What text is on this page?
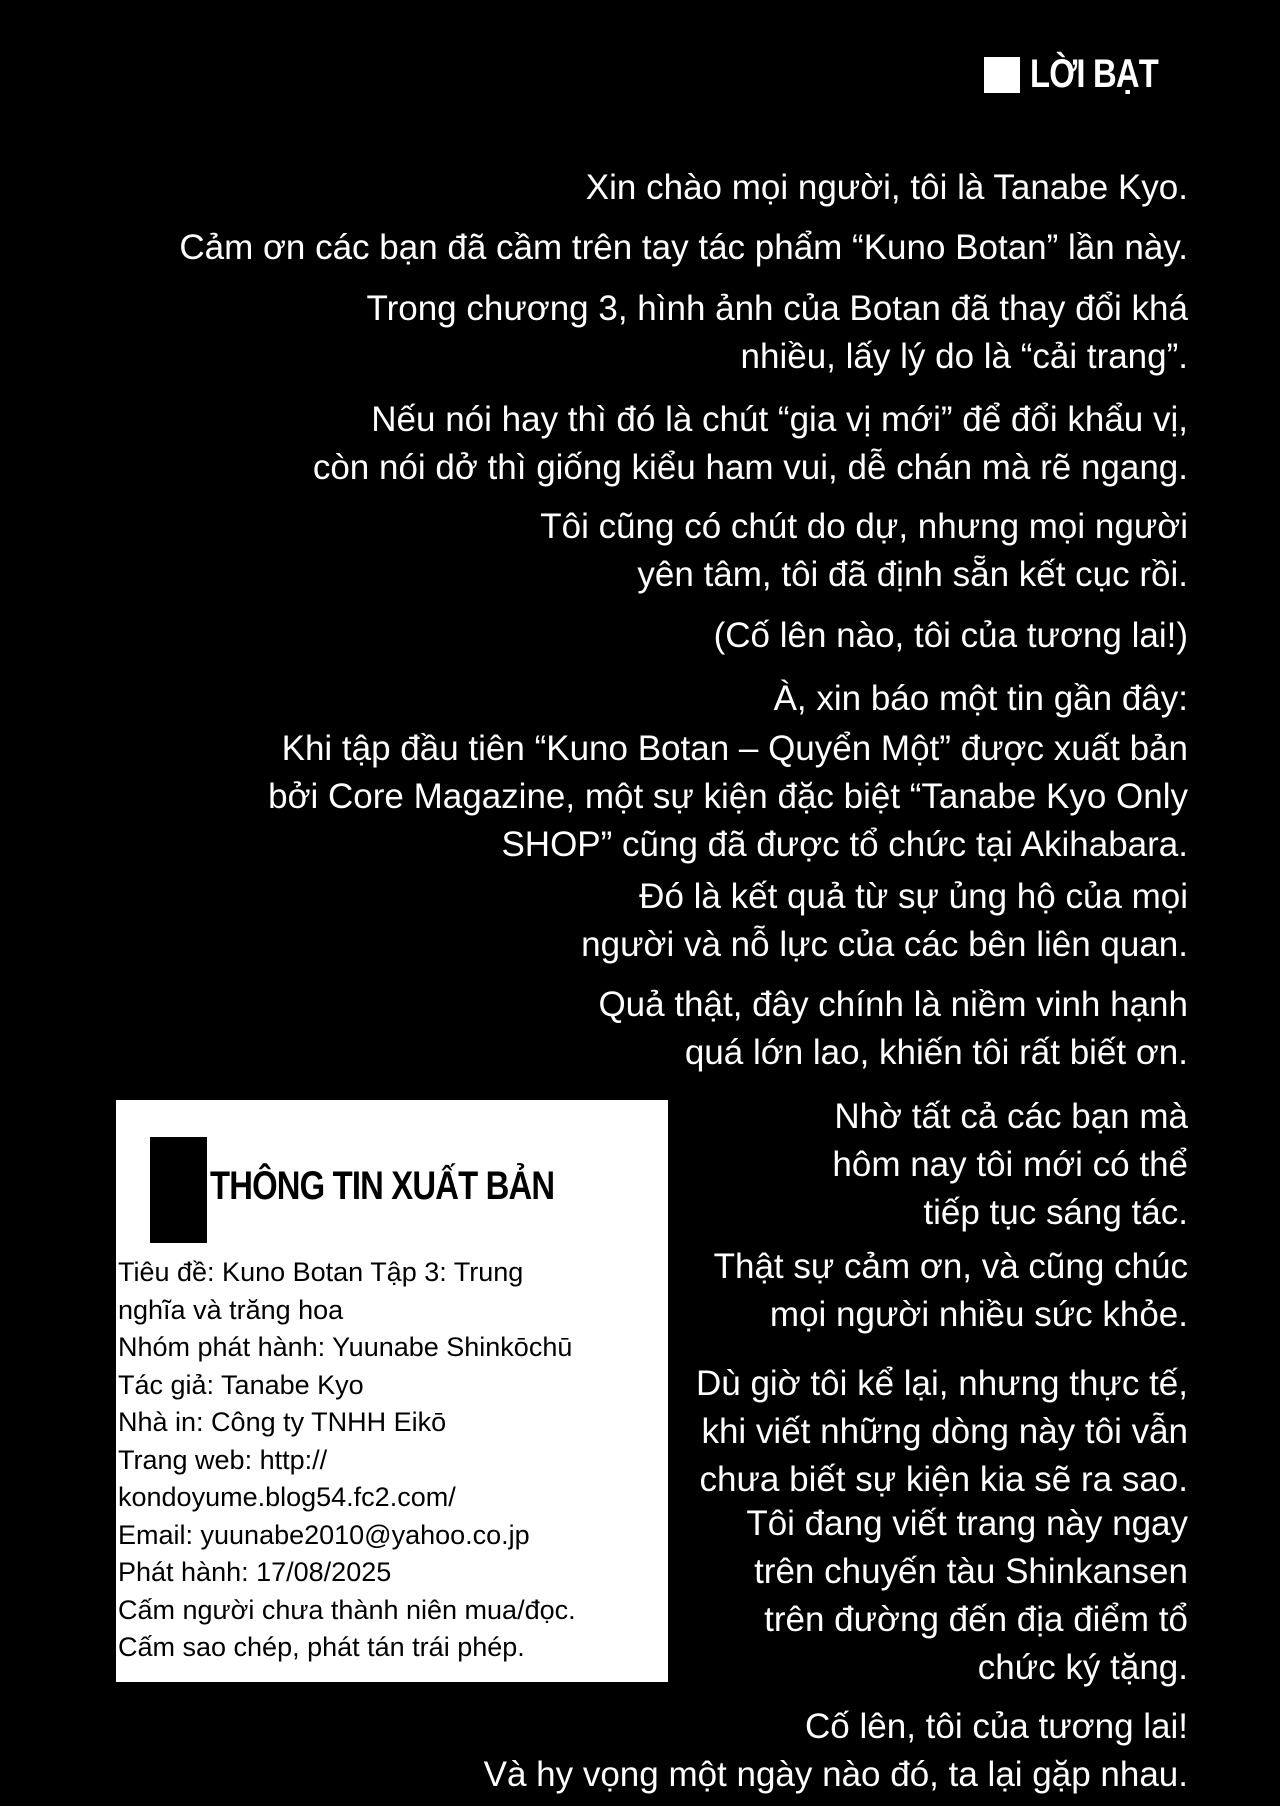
LỜI BẠT
Xin chào mọi người, tôi là Tanabe Kyo.
Cảm ơn các bạn đã cầm trên tay tác phẩm “Kuno Botan” lần này.
Trong chương 3, hình ảnh của Botan đã thay đổi khá
nhiều, lấy lý do là “cải trang”.
Nếu nói hay thì đó là chút “gia vị mới” để đổi khẩu vị,
còn nói dở thì giống kiểu ham vui, dễ chán mà rẽ ngang.
Tôi cũng có chút do dự, nhưng mọi người
yên tâm, tôi đã định sẵn kết cục rồi.
(Cố lên nào, tôi của tương lai!)
À, xin báo một tin gần đây:
Khi tập đầu tiên “Kuno Botan – Quyển Một” được xuất bản
bởi Core Magazine, một sự kiện đặc biệt “Tanabe Kyo Only
SHOP” cũng đã được tổ chức tại Akihabara.
Đó là kết quả từ sự ủng hộ của mọi
người và nỗ lực của các bên liên quan.
Quả thật, đây chính là niềm vinh hạnh
quá lớn lao, khiến tôi rất biết ơn.
Nhờ tất cả các bạn mà
hôm nay tôi mới có thể
tiếp tục sáng tác.
Thật sự cảm ơn, và cũng chúc
mọi người nhiều sức khỏe.
Dù giờ tôi kể lại, nhưng thực tế,
khi viết những dòng này tôi vẫn
chưa biết sự kiện kia sẽ ra sao.
Tôi đang viết trang này ngay
trên chuyến tàu Shinkansen
trên đường đến địa điểm tổ
chức ký tặng.
Cố lên, tôi của tương lai!
Và hy vọng một ngày nào đó, ta lại gặp nhau.
THÔNG TIN XUẤT BẢN
Tiêu đề: Kuno Botan Tập 3: Trung
nghĩa và trăng hoa
Nhóm phát hành: Yuunabe Shinkōchū
Tác giả: Tanabe Kyo
Nhà in: Công ty TNHH Eikō
Trang web: http://
kondoyume.blog54.fc2.com/
Email: yuunabe2010@yahoo.co.jp
Phát hành: 17/08/2025
Cấm người chưa thành niên mua/đọc.
Cấm sao chép, phát tán trái phép.
